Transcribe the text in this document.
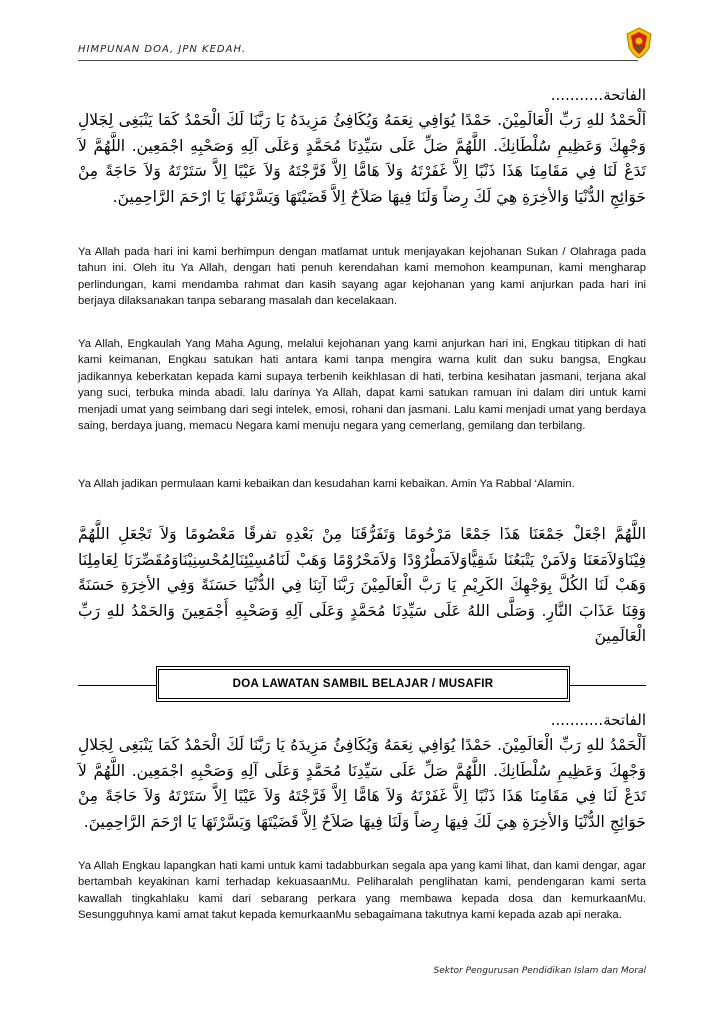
HIMPUNAN DOA, JPN KEDAH.
الفاتحة...........
اَلْحَمْدُ للهِ رَبِّ الْعَالَمِيْنَ. حَمْدًا يُوَافِي نِعَمَهُ وَيُكَافِئُ مَزِيدَهُ يَا رَبَّنَا لَكَ الْحَمْدُ كَمَا يَنْبَغِى لِجَلالِ وَجْهِكَ وَعَظِيمِ سُلْطَانِكَ. اللَّهُمَّ صَلِّ عَلَى سَيِّدِنَا مُحَمَّدٍ وَعَلَى آلِهِ وَصَحْبِهِ اجْمَعِين. اللَّهُمَّ لاَ تَدَعْ لَنَا فِي مَقَامِنَا هَذَا ذَنْبًا اِلاَّ غَفَرْتَهُ وَلاَ هَامًّا اِلاَّ فَرَّجْتَهُ وَلاَ عَيْبًا اِلاَّ سَتَرْتَهُ وَلاَ حَاجَةً مِنْ حَوَائِجِ الدُّنْيَا وَالأخِرَةِ هِيَ لَكَ رِضاً وَلَنَا فِيهَا صَلاَحٌ اِلاَّ قَضَيْتَهَا وَيَسَّرْتَهَا يَا ارْحَمَ الرَّاحِمِينَ.
Ya Allah pada hari ini kami berhimpun dengan matlamat untuk menjayakan kejohanan Sukan / Olahraga pada tahun ini. Oleh itu Ya Allah, dengan hati penuh kerendahan kami memohon keampunan, kami mengharap perlindungan, kami mendamba rahmat dan kasih sayang agar kejohanan yang kami anjurkan pada hari ini berjaya dilaksanakan tanpa sebarang masalah dan kecelakaan.
Ya Allah, Engkaulah Yang Maha Agung, melalui kejohanan yang kami anjurkan hari ini, Engkau titipkan di hati kami keimanan, Engkau satukan hati antara kami tanpa mengira warna kulit dan suku bangsa, Engkau jadikannya keberkatan kepada kami supaya terbenih keikhlasan di hati, terbina kesihatan jasmani, terjana akal yang suci, terbuka minda abadi. lalu darinya Ya Allah, dapat kami satukan ramuan ini dalam diri untuk kami menjadi umat yang seimbang dari segi intelek, emosi, rohani dan jasmani. Lalu kami menjadi umat yang berdaya saing, berdaya juang, memacu Negara kami menuju negara yang cemerlang, gemilang dan terbilang.
Ya Allah jadikan permulaan kami kebaikan dan kesudahan kami kebaikan. Amin Ya Rabbal ‘Alamin.
اللَّهُمَّ اجْعَلْ جَمْعَنَا هَذَا جَمْعًا مَرْحُومًا وَتَفَرُّقَنَا مِنْ بَعْدِهِ تفرقًا مَعْصُومًا وَلاَ تَجْعَلِ اللَّهُمَّ فِيْنَاوَلاَمَعَنَا وَلاَمَنْ يَتْبَعُنَا شَقِيًّاوَلاَمَطْرُوْدًا وَلاَمَحْرُوْمًا وَهَبْ لَنَامُسِيْئِنَالِمُحْسِنِيْنَاوَمُقَصِّرَنَا لِعَامِلِنَا وَهَبْ لَنَا الكُلَّ بِوَجْهِكَ الكَرِيْمِ يَا رَبَّ الْعَالَمِيْنَ رَبَّنَا آتِنَا فِي الدُّنْيَا حَسَنَةً وَفِي الأخِرَةِ حَسَنَةً وَقِنَا عَذَابَ النَّارِ. وَصَلَّى اللهُ عَلَى سَيِّدِنَا مُحَمَّدٍ وَعَلَى آلِهِ وَصَحْبِهِ أَجْمَعِينَ وَالحَمْدُ للهِ رَبِّ الْعَالَمِينَ
DOA LAWATAN SAMBIL BELAJAR / MUSAFIR
الفاتحة...........
اَلْحَمْدُ للهِ رَبِّ الْعَالَمِيْنَ. حَمْدًا يُوَافِي نِعَمَهُ وَيُكَافِئُ مَزِيدَهُ يَا رَبَّنَا لَكَ الْحَمْدُ كَمَا يَنْبَغِى لِجَلالِ وَجْهِكَ وَعَظِيمِ سُلْطَانِكَ. اللَّهُمَّ صَلِّ عَلَى سَيِّدِنَا مُحَمَّدٍ وَعَلَى آلِهِ وَصَحْبِهِ اجْمَعِين. اللَّهُمَّ لاَ تَدَعْ لَنَا فِي مَقَامِنَا هَذَا ذَنْبًا اِلاَّ غَفَرْتَهُ وَلاَ هَامًّا اِلاَّ فَرَّجْتَهُ وَلاَ عَيْبًا اِلاَّ سَتَرْتَهُ وَلاَ حَاجَةً مِنْ حَوَائِجِ الدُّنْيَا وَالأخِرَةِ هِيَ لَكَ فِيهَا رِضاً وَلَنَا فِيهَا صَلاَحٌ اِلاَّ قَضَيْتَهَا وَيَسَّرْتَهَا يَا ارْحَمَ الرَّاحِمِينَ.
Ya Allah Engkau lapangkan hati kami untuk kami tadabburkan segala apa yang kami lihat, dan kami dengar, agar bertambah keyakinan kami terhadap kekuasaanMu. Peliharalah penglihatan kami, pendengaran kami serta kawallah tingkahlaku kami dari sebarang perkara yang membawa kepada dosa dan kemurkaanMu. Sesungguhnya kami amat takut kepada kemurkaanMu sebagaimana takutnya kami kepada azab api neraka.
Sektor Pengurusan Pendidikan Islam dan Moral
